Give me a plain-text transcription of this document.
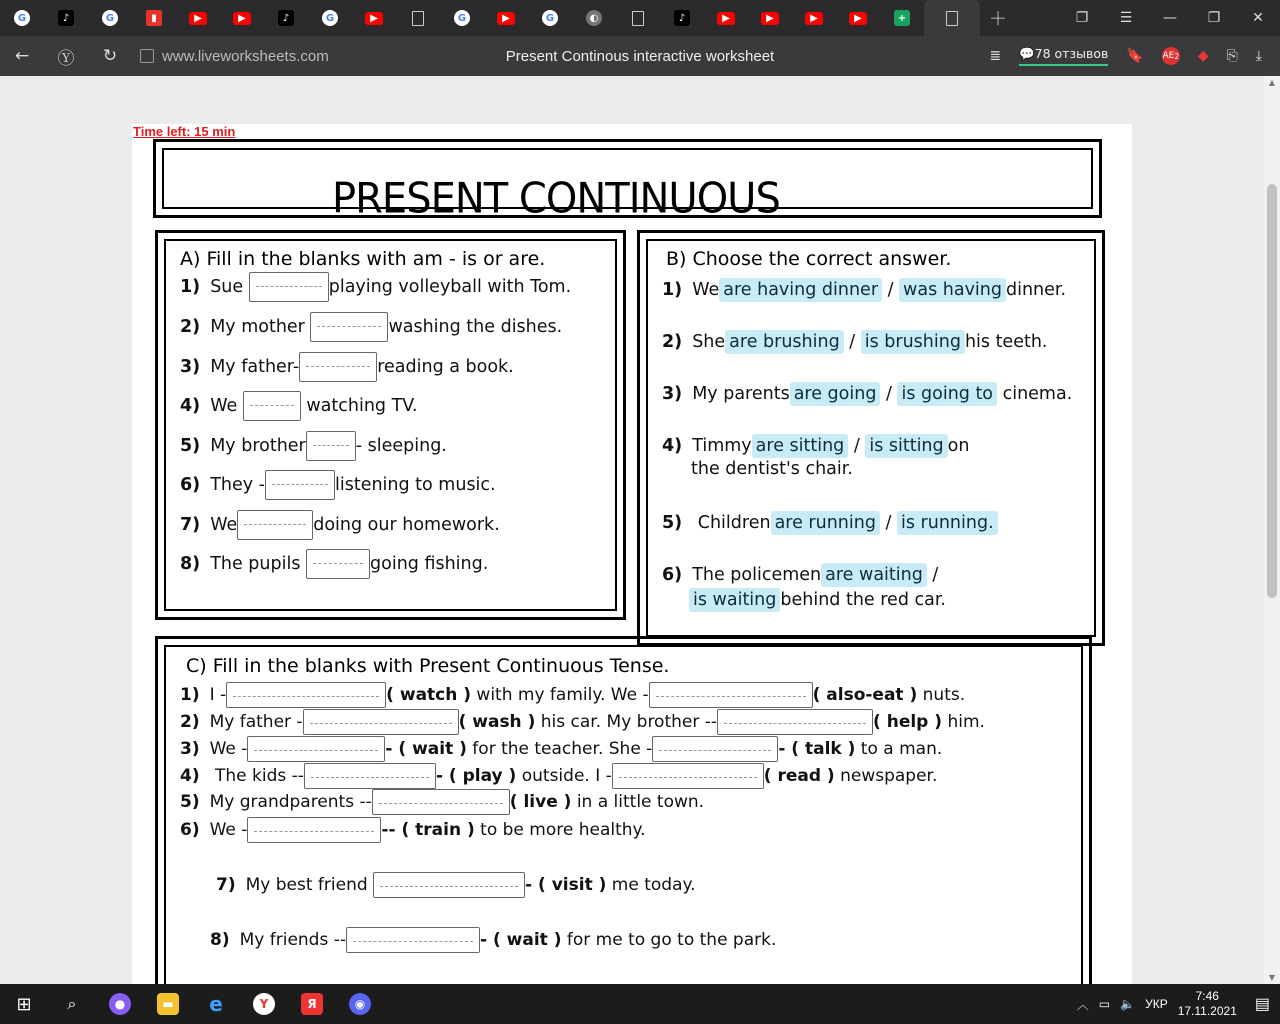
G	♪	G	▮	▶	▶	♪	G	▶	G	▶	G	◐	♪	▶	▶	▶	▶	+	＋	❐	☰	—	❐	✕
←	Ⓨ	↻	www.liveworksheets.com	Present Continous interactive worksheet	≣ 💬78 отзывов 🔖 AE 2 ◆ ⎘ ⤓
Time left: 15 min
PRESENT CONTINUOUS
A) Fill in the blanks with am - is or are.
1) Sue	playing volleyball with Tom.
2) My mother	washing the dishes.
3) My father-	reading a book.
4) We	watching TV.
5) My brother	- sleeping.
6) They -	listening to music.
7) We	doing our homework.
8) The pupils	going fishing.
B) Choose the correct answer.
1) We are having dinner / was having dinner.
2) She are brushing / is brushing his teeth.
3) My parents are going / is going to cinema.
4) Timmy are sitting / is sitting on
the dentist's chair.
5) Children are running / is running.
is waiting behind the red car.
6) The policemen are waiting /
C) Fill in the blanks with Present Continuous Tense.
1) I -	( watch ) with my family. We -	( also-eat ) nuts.
2) My father -	( wash ) his car. My brother --	( help ) him.
3) We -	- ( wait ) for the teacher. She -	- ( talk ) to a man.
4) The kids --	- ( play ) outside. I -	( read ) newspaper.
5) My grandparents --	( live ) in a little town.
6) We -	-- ( train ) to be more healthy.
7) My best friend	- ( visit ) me today.
8) My friends --	- ( wait ) for me to go to the park.
▲
▼
⊞	⌕	●	▬ e	Y	Я	◉	︿ ▭ 🔈 УКР
7:46
17.11.2021 ▤
